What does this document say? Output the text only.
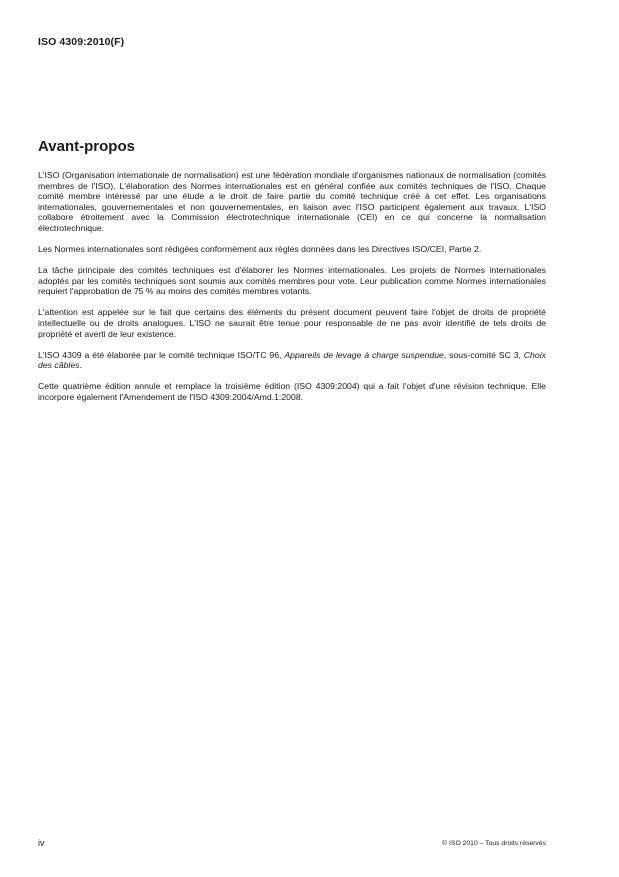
ISO 4309:2010(F)
Avant-propos

L'ISO (Organisation internationale de normalisation) est une fédération mondiale d'organismes nationaux de normalisation (comités membres de l'ISO). L'élaboration des Normes internationales est en général confiée aux comités techniques de l'ISO. Chaque comité membre intéressé par une étude a le droit de faire partie du comité technique créé à cet effet. Les organisations internationales, gouvernementales et non gouvernementales, en liaison avec l'ISO participent également aux travaux. L'ISO collabore étroitement avec la Commission électrotechnique internationale (CEI) en ce qui concerne la normalisation électrotechnique.

Les Normes internationales sont rédigées conformément aux règles données dans les Directives ISO/CEI, Partie 2.

La tâche principale des comités techniques est d'élaborer les Normes internationales. Les projets de Normes internationales adoptés par les comités techniques sont soumis aux comités membres pour vote. Leur publication comme Normes internationales requiert l'approbation de 75 % au moins des comités membres votants.

L'attention est appelée sur le fait que certains des éléments du présent document peuvent faire l'objet de droits de propriété intellectuelle ou de droits analogues. L'ISO ne saurait être tenue pour responsable de ne pas avoir identifié de tels droits de propriété et averti de leur existence.

L'ISO 4309 a été élaborée par le comité technique ISO/TC 96, Appareils de levage à charge suspendue, sous-comité SC 3, Choix des câbles.

Cette quatrième édition annule et remplace la troisième édition (ISO 4309:2004) qui a fait l'objet d'une révision technique. Elle incorpore également l'Amendement de l'ISO 4309:2004/Amd.1:2008.

iv	© ISO 2010 – Tous droits réservés
